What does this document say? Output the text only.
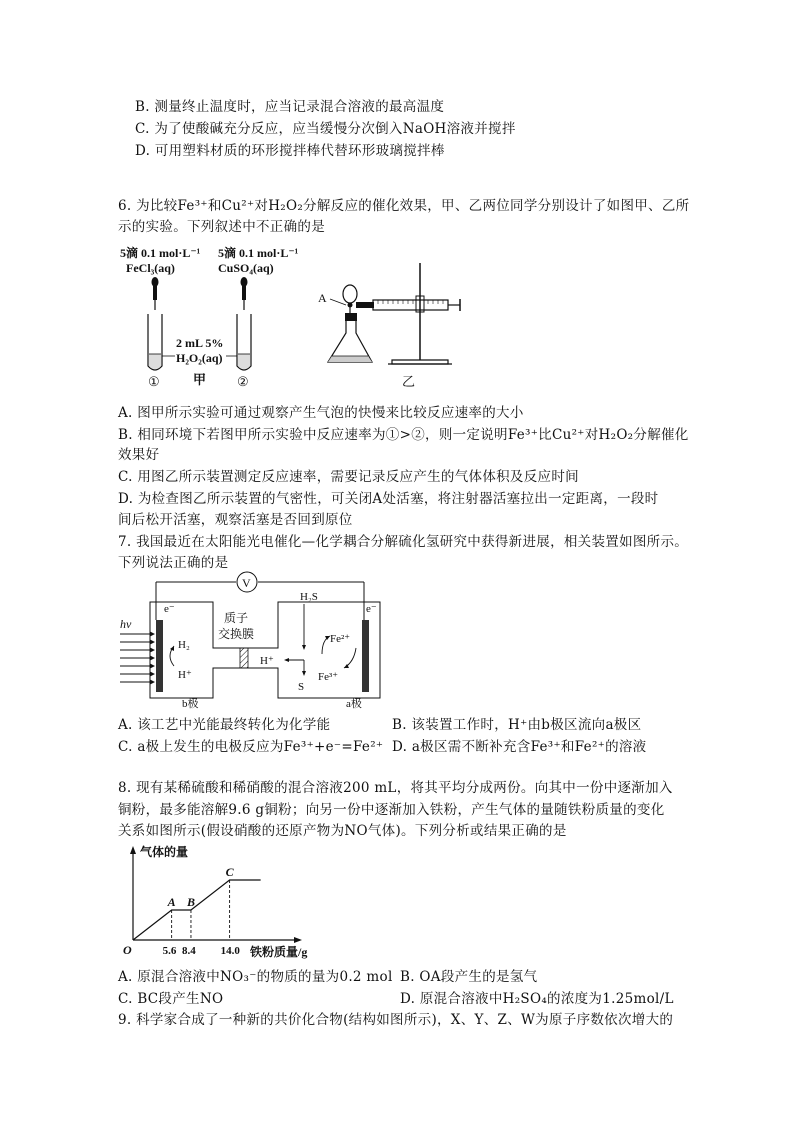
B. 测量终止温度时，应当记录混合溶液的最高温度
C. 为了使酸碱充分反应，应当缓慢分次倒入NaOH溶液并搅拌
D. 可用塑料材质的环形搅拌棒代替环形玻璃搅拌棒
6. 为比较Fe³⁺和Cu²⁺对H₂O₂分解反应的催化效果，甲、乙两位同学分别设计了如图甲、乙所
示的实验。下列叙述中不正确的是
5滴 0.1 mol·L⁻¹
FeCl₃(aq)
5滴 0.1 mol·L⁻¹
CuSO₄(aq)
2 mL 5%
H₂O₂(aq)
①	甲 ②
A
乙
A. 图甲所示实验可通过观察产生气泡的快慢来比较反应速率的大小
B. 相同环境下若图甲所示实验中反应速率为①>②，则一定说明Fe³⁺比Cu²⁺对H₂O₂分解催化
效果好
C. 用图乙所示装置测定反应速率，需要记录反应产生的气体体积及反应时间
D. 为检查图乙所示装置的气密性，可关闭A处活塞，将注射器活塞拉出一定距离，一段时
间后松开活塞，观察活塞是否回到原位
7. 我国最近在太阳能光电催化—化学耦合分解硫化氢研究中获得新进展，相关装置如图所示。
下列说法正确的是
V
e⁻	e⁻
hν
H₂
H⁺
b极
质子
交换膜
H⁺
H₂S
S
Fe²⁺
Fe³⁺
a极
A. 该工艺中光能最终转化为化学能	B. 该装置工作时，H⁺由b极区流向a极区
C. a极上发生的电极反应为Fe³⁺+e⁻=Fe²⁺ D. a极区需不断补充含Fe³⁺和Fe²⁺的溶液
8. 现有某稀硫酸和稀硝酸的混合溶液200 mL，将其平均分成两份。向其中一份中逐渐加入
铜粉，最多能溶解9.6 g铜粉；向另一份中逐渐加入铁粉，产生气体的量随铁粉质量的变化
关系如图所示(假设硝酸的还原产物为NO气体)。下列分析或结果正确的是
气体的量
铁粉质量/g
O	5.6
A
8.4
B
14.0
C
A. 原混合溶液中NO₃⁻的物质的量为0.2 mol B. OA段产生的是氢气
C. BC段产生NO	D. 原混合溶液中H₂SO₄的浓度为1.25mol/L
9. 科学家合成了一种新的共价化合物(结构如图所示)，X、Y、Z、W为原子序数依次增大的
